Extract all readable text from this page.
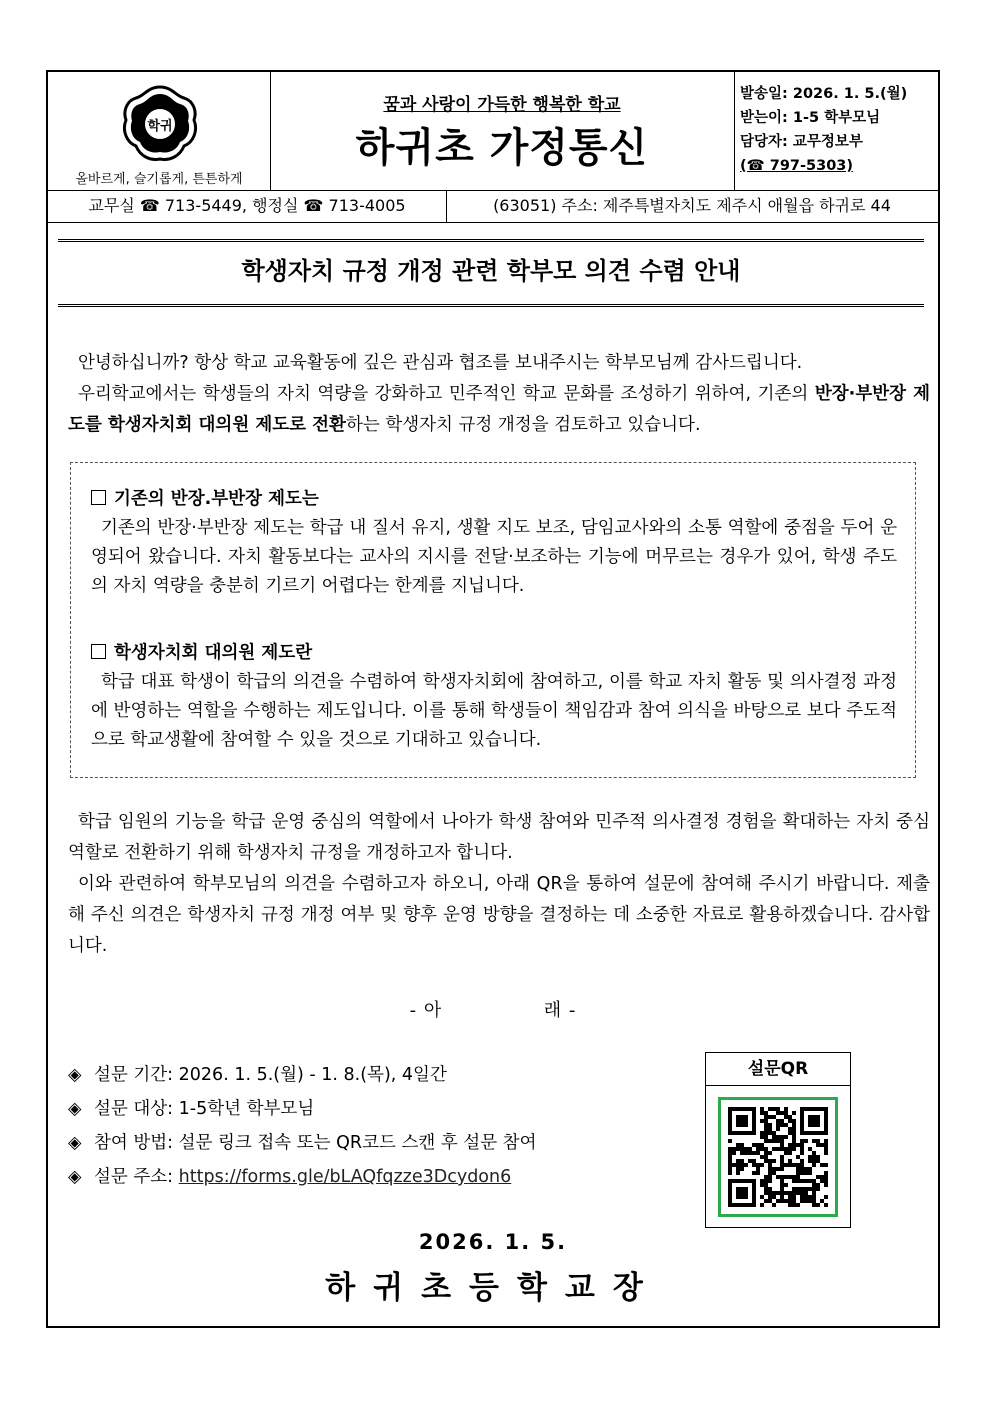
학귀
올바르게, 슬기롭게, 튼튼하게
꿈과 사랑이 가득한 행복한 학교
하귀초 가정통신
발송일: 2026. 1. 5.(월)
받는이: 1-5 학부모님
담당자: 교무정보부
(☎ 797-5303)
교무실 ☎ 713-5449, 행정실 ☎ 713-4005	(63051) 주소: 제주특별자치도 제주시 애월읍 하귀로 44
학생자치 규정 개정 관련 학부모 의견 수렴 안내
안녕하십니까? 항상 학교 교육활동에 깊은 관심과 협조를 보내주시는 학부모님께 감사드립니다.
우리학교에서는 학생들의 자치 역량을 강화하고 민주적인 학교 문화를 조성하기 위하여, 기존의 반장·부반장 제도를 학생자치회 대의원 제도로 전환하는 학생자치 규정 개정을 검토하고 있습니다.
기존의 반장.부반장 제도는
기존의 반장·부반장 제도는 학급 내 질서 유지, 생활 지도 보조, 담임교사와의 소통 역할에 중점을 두어 운영되어 왔습니다. 자치 활동보다는 교사의 지시를 전달·보조하는 기능에 머무르는 경우가 있어, 학생 주도의 자치 역량을 충분히 기르기 어렵다는 한계를 지닙니다.
학생자치회 대의원 제도란
학급 대표 학생이 학급의 의견을 수렴하여 학생자치회에 참여하고, 이를 학교 자치 활동 및 의사결정 과정에 반영하는 역할을 수행하는 제도입니다. 이를 통해 학생들이 책임감과 참여 의식을 바탕으로 보다 주도적으로 학교생활에 참여할 수 있을 것으로 기대하고 있습니다.
학급 임원의 기능을 학급 운영 중심의 역할에서 나아가 학생 참여와 민주적 의사결정 경험을 확대하는 자치 중심 역할로 전환하기 위해 학생자치 규정을 개정하고자 합니다.
이와 관련하여 학부모님의 의견을 수렴하고자 하오니, 아래 QR을 통하여 설문에 참여해 주시기 바랍니다. 제출해 주신 의견은 학생자치 규정 개정 여부 및 향후 운영 방향을 결정하는 데 소중한 자료로 활용하겠습니다. 감사합니다.
- 아	래 -
◈ 설문 기간: 2026. 1. 5.(월) - 1. 8.(목), 4일간
◈ 설문 대상: 1-5학년 학부모님
◈ 참여 방법: 설문 링크 접속 또는 QR코드 스캔 후 설문 참여
◈ 설문 주소: https://forms.gle/bLAQfqzze3Dcydon6
설문QR
2026. 1. 5.
하귀초등학교장
